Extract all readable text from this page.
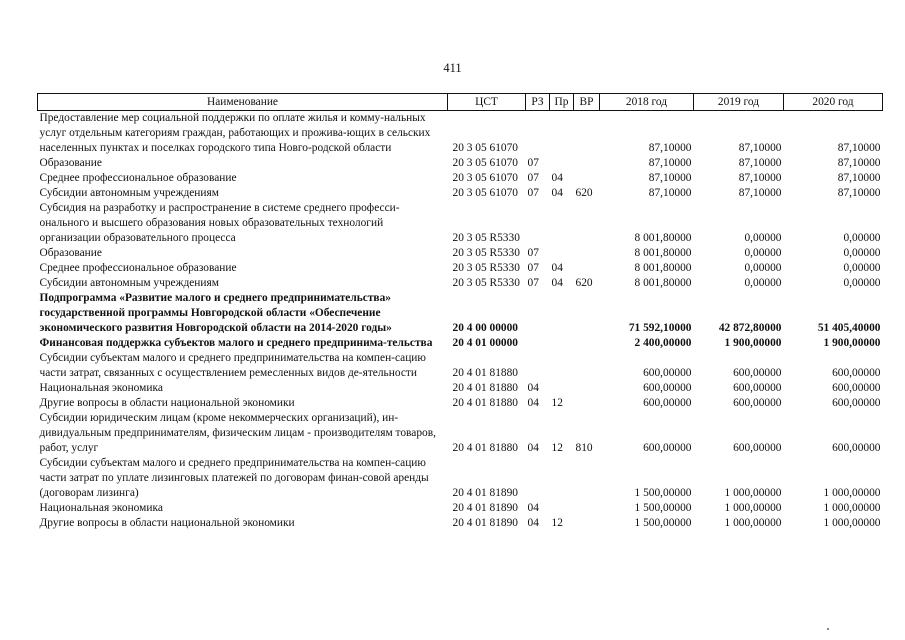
411
Наименование	ЦСТ	РЗ	Пр	ВР	2018 год	2019 год	2020 год
Предоставление мер социальной поддержки по оплате жилья и комму-нальных услуг отдельным категориям граждан, работающих и прожива-ющих в сельских населенных пунктах и поселках городского типа Новго-родской области	20 3 05 61070				87,10000	87,10000	87,10000
Образование	20 3 05 61070	07			87,10000	87,10000	87,10000
Среднее профессиональное образование	20 3 05 61070	07	04		87,10000	87,10000	87,10000
Субсидии автономным учреждениям	20 3 05 61070	07	04	620	87,10000	87,10000	87,10000
Субсидия на разработку и распространение в системе среднего професси-онального и высшего образования новых образовательных технологий организации образовательного процесса	20 3 05 R5330				8 001,80000	0,00000	0,00000
Образование	20 3 05 R5330	07			8 001,80000	0,00000	0,00000
Среднее профессиональное образование	20 3 05 R5330	07	04		8 001,80000	0,00000	0,00000
Субсидии автономным учреждениям	20 3 05 R5330	07	04	620	8 001,80000	0,00000	0,00000
Подпрограмма «Развитие малого и среднего предпринимательства» государственной программы Новгородской области «Обеспечение экономического развития Новгородской области на 2014-2020 годы»	20 4 00 00000				71 592,10000	42 872,80000	51 405,40000
Финансовая поддержка субъектов малого и среднего предпринима-тельства	20 4 01 00000				2 400,00000	1 900,00000	1 900,00000
Субсидии субъектам малого и среднего предпринимательства на компен-сацию части затрат, связанных с осуществлением ремесленных видов де-ятельности	20 4 01 81880				600,00000	600,00000	600,00000
Национальная экономика	20 4 01 81880	04			600,00000	600,00000	600,00000
Другие вопросы в области национальной экономики	20 4 01 81880	04	12		600,00000	600,00000	600,00000
Субсидии юридическим лицам (кроме некоммерческих организаций), ин-дивидуальным предпринимателям, физическим лицам - производителям товаров, работ, услуг	20 4 01 81880	04	12	810	600,00000	600,00000	600,00000
Субсидии субъектам малого и среднего предпринимательства на компен-сацию части затрат по уплате лизинговых платежей по договорам финан-совой аренды (договорам лизинга)	20 4 01 81890				1 500,00000	1 000,00000	1 000,00000
Национальная экономика	20 4 01 81890	04			1 500,00000	1 000,00000	1 000,00000
Другие вопросы в области национальной экономики	20 4 01 81890	04	12		1 500,00000	1 000,00000	1 000,00000
